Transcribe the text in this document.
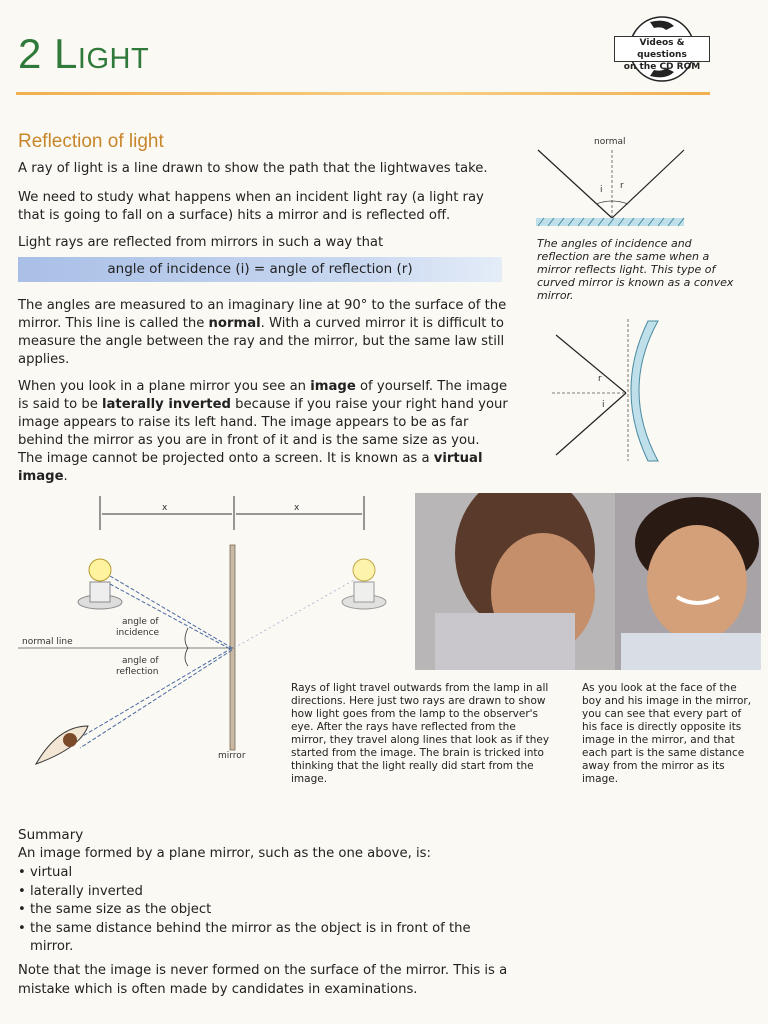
2 Light	Videos & questions
on the CD ROM
Reflection of light

A ray of light is a line drawn to show the path that the lightwaves take.

We need to study what happens when an incident light ray (a light ray that is going to fall on a surface) hits a mirror and is reflected off.

Light rays are reflected from mirrors in such a way that

angle of incidence (i) = angle of reflection (r)

The angles are measured to an imaginary line at 90° to the surface of the mirror. This line is called the normal. With a curved mirror it is difficult to measure the angle between the ray and the mirror, but the same law still applies.

When you look in a plane mirror you see an image of yourself. The image is said to be laterally inverted because if you raise your right hand your image appears to raise its left hand. The image appears to be as far behind the mirror as you are in front of it and is the same size as you. The image cannot be projected onto a screen. It is known as a virtual image.

normal
i r

The angles of incidence and reflection are the same when a mirror reflects light. This type of curved mirror is known as a convex mirror.

r
i
x	x
mirror
normal line
angle of
incidence
angle of
reflection

Rays of light travel outwards from the lamp in all directions. Here just two rays are drawn to show how light goes from the lamp to the observer's eye. After the rays have reflected from the mirror, they travel along lines that look as if they started from the image. The brain is tricked into thinking that the light really did start from the image.

As you look at the face of the boy and his image in the mirror, you can see that every part of his face is directly opposite its image in the mirror, and that each part is the same distance away from the mirror as its image.

Summary

An image formed by a plane mirror, such as the one above, is:

• virtual
• laterally inverted
• the same size as the object
• the same distance behind the mirror as the object is in front of the mirror.

Note that the image is never formed on the surface of the mirror. This is a mistake which is often made by candidates in examinations.
